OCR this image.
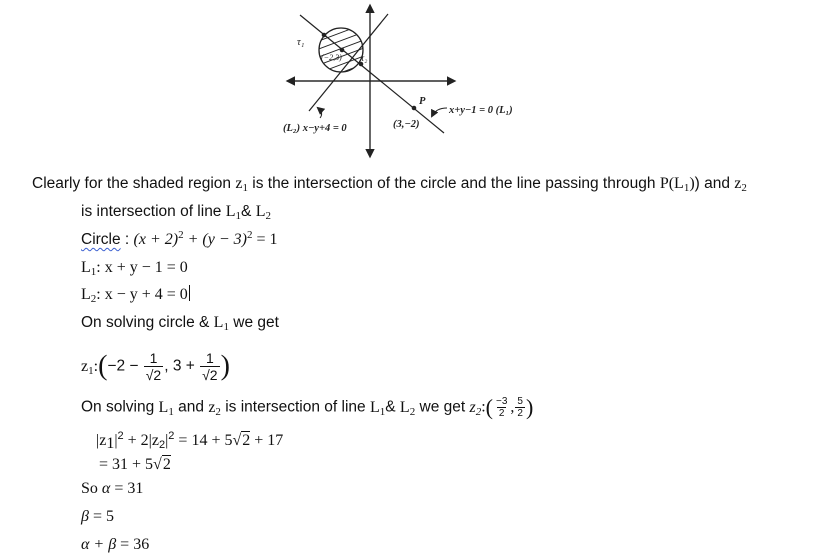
τ₁
(−2,3) τ₂
P
(3,−2)
x+y−1 = 0 (L₁)
(L₂) x−y+4 = 0
Clearly for the shaded region $z_1$ is the intersection of the circle and the line passing through $P(L_1)$) and $z_2$
is intersection of line $L_1\&$ $L_2$
Circle : $(x + 2)^2 + (y - 3)^2 = 1$
$L_1$: x + y − 1 = 0
$L_2$: x − y + 4 = 0
On solving circle & $L_1$ we get
$z_1:(-2 - \frac{1}{√2}$ , $3 + \frac{1}{√2}$ )
On solving $L_1$ and $z_2$ is intersection of line $L_1\&$ $L_2$ we get $z_2:( \frac{-3}{2}$ , $\frac{5}{2}$ )
$|z_1|^2 + 2|z_2|^2 = 14 + 5√2 + 17$
= 31 + 5√2
So α = 31
β = 5
α + β = 36
